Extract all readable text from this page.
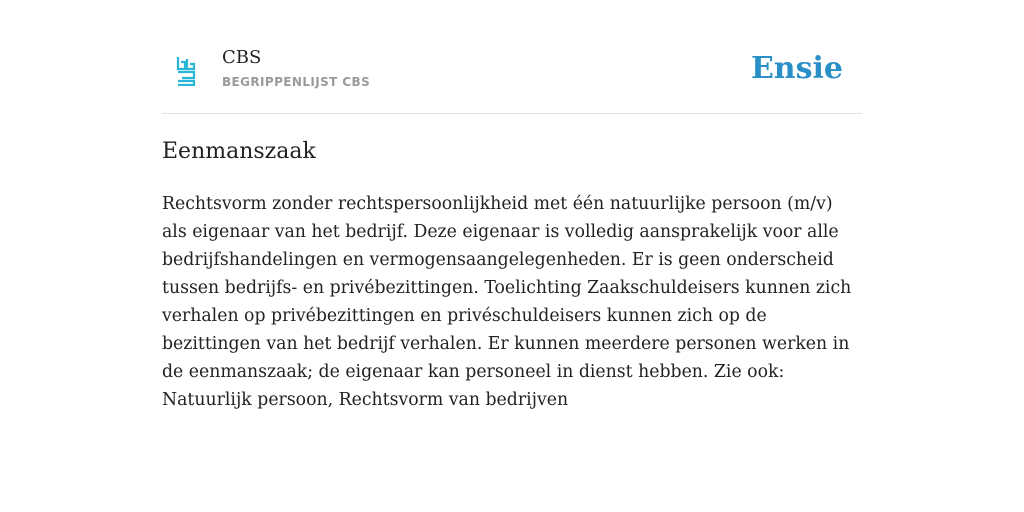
CBS
BEGRIPPENLIJST CBS	Ensie
Eenmanszaak

Rechtsvorm zonder rechtspersoonlijkheid met één natuurlijke persoon (m/v) als eigenaar van het bedrijf. Deze eigenaar is volledig aansprakelijk voor alle bedrijfshandelingen en vermogensaangelegenheden. Er is geen onderscheid tussen bedrijfs- en privébezittingen. Toelichting Zaakschuldeisers kunnen zich verhalen op privébezittingen en privéschuldeisers kunnen zich op de bezittingen van het bedrijf verhalen. Er kunnen meerdere personen werken in de eenmanszaak; de eigenaar kan personeel in dienst hebben. Zie ook: Natuurlijk persoon, Rechtsvorm van bedrijven
